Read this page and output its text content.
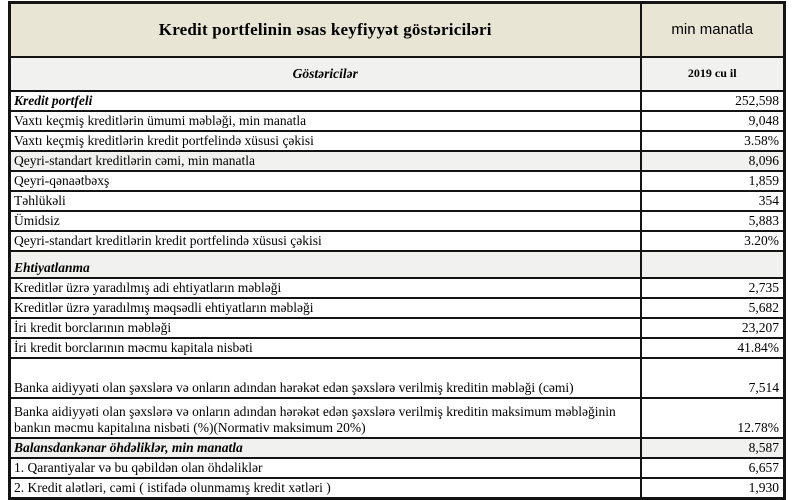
Kredit portfelinin əsas keyfiyyət göstəriciləri	min manatla
Göstəricilər	2019 cu il
Kredit portfeli	252,598
Vaxtı keçmiş kreditlərin ümumi məbləği, min manatla	9,048
Vaxtı keçmiş kreditlərin kredit portfelində xüsusi çəkisi	3.58%
Qeyri-standart kreditlərin cəmi, min manatla	8,096
Qeyri-qənaətbəxş	1,859
Təhlükəli	354
Ümidsiz	5,883
Qeyri-standart kreditlərin kredit portfelində xüsusi çəkisi	3.20%
Ehtiyatlanma	
Kreditlər üzrə yaradılmış adi ehtiyatların məbləği	2,735
Kreditlər üzrə yaradılmış məqsədli ehtiyatların məbləği	5,682
İri kredit borclarının məbləği	23,207
İri kredit borclarının məcmu kapitala nisbəti	41.84%
Banka aidiyyəti olan şəxslərə və onların adından hərəkət edən şəxslərə verilmiş kreditin məbləği (cəmi)	7,514
Banka aidiyyəti olan şəxslərə və onların adından hərəkət edən şəxslərə verilmiş kreditin maksimum məbləğinin bankın məcmu kapitalına nisbəti (%)(Normativ maksimum 20%)	12.78%
Balansdankənar öhdəliklər, min manatla	8,587
1. Qarantiyalar və bu qəbildən olan öhdəliklər	6,657
2. Kredit alətləri, cəmi ( istifadə olunmamış kredit xətləri )	1,930
